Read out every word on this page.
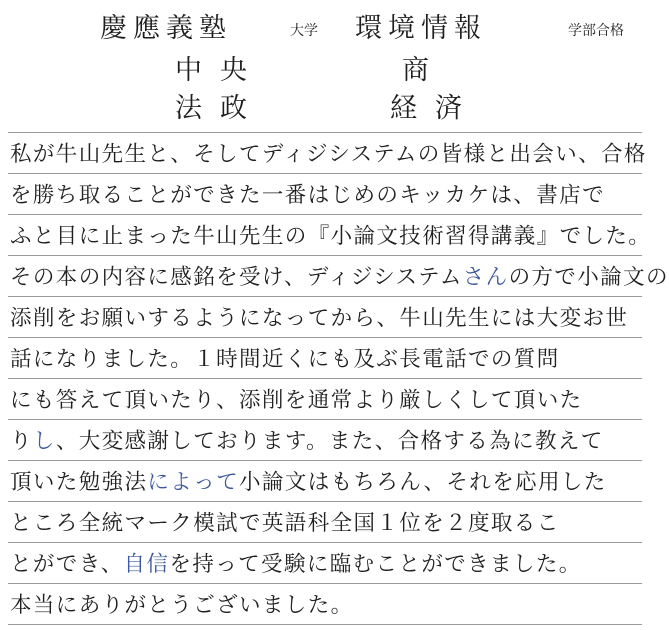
慶應義塾
中央
法政
大学 環境情報
商
経済
学部合格
私が牛山先生と、そしてディジシステムの皆様と出会い、合格
を勝ち取ることができた一番はじめのキッカケは、書店で
ふと目に止まった牛山先生の『小論文技術習得講義』でした。
その本の内容に感銘を受け、ディジシステムさんの方で小論文の
添削をお願いするようになってから、牛山先生には大変お世
話になりました。１時間近くにも及ぶ長電話での質問
にも答えて頂いたり、添削を通常より厳しくして頂いた
りし、大変感謝しております。また、合格する為に教えて
頂いた勉強法によって小論文はもちろん、それを応用した
ところ全統マーク模試で英語科全国１位を２度取るこ
とができ、自信を持って受験に臨むことができました。
本当にありがとうございました。
